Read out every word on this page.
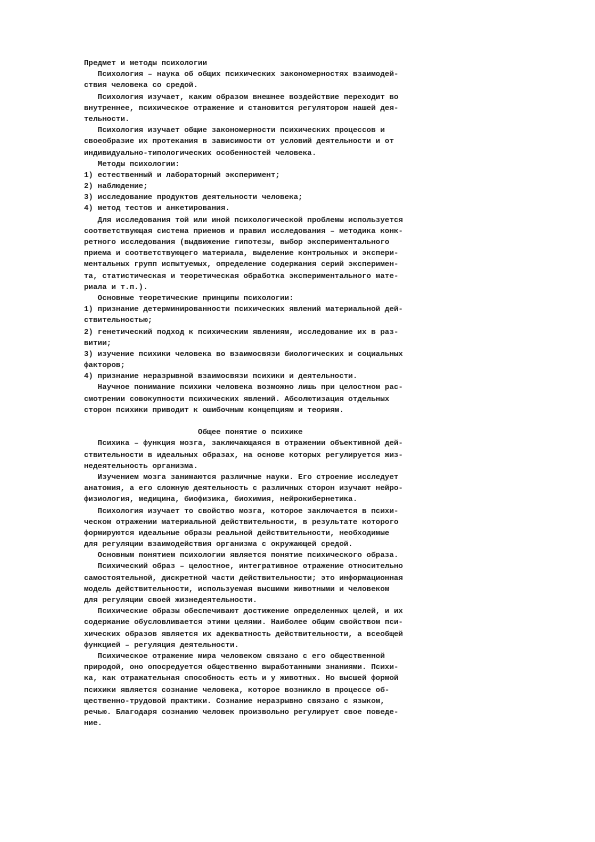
Предмет и методы психологии
Психология – наука об общих психических закономерностях взаимодей-
ствия человека со средой.
Психология изучает, каким образом внешнее воздействие переходит во
внутреннее, психическое отражение и становится регулятором нашей дея-
тельности.
Психология изучает общие закономерности психических процессов и
своеобразие их протекания в зависимости от условий деятельности и от
индивидуально-типологических особенностей человека.
Методы психологии:
1) естественный и лабораторный эксперимент;
2) наблюдение;
3) исследование продуктов деятельности человека;
4) метод тестов и анкетирования.
Для исследования той или иной психологической проблемы используется
соответствующая система приемов и правил исследования – методика конк-
ретного исследования (выдвижение гипотезы, выбор экспериментального
приема и соответствующего материала, выделение контрольных и экспери-
ментальных групп испытуемых, определение содержания серий эксперимен-
та, статистическая и теоретическая обработка экспериментального мате-
риала и т.п.).
Основные теоретические принципы психологии:
1) признание детерминированности психических явлений материальной дей-
ствительностью;
2) генетический подход к психическим явлениям, исследование их в раз-
витии;
3) изучение психики человека во взаимосвязи биологических и социальных
факторов;
4) признание неразрывной взаимосвязи психики и деятельности.
Научное понимание психики человека возможно лишь при целостном рас-
смотрении совокупности психических явлений. Абсолютизация отдельных
сторон психики приводит к ошибочным концепциям и теориям.
Общее понятие о психике
Психика – функция мозга, заключающаяся в отражении объективной дей-
ствительности в идеальных образах, на основе которых регулируется жиз-
недеятельность организма.
Изучением мозга занимаются различные науки. Его строение исследует
анатомия, а его сложную деятельность с различных сторон изучают нейро-
физиология, медицина, биофизика, биохимия, нейрокибернетика.
Психология изучает то свойство мозга, которое заключается в психи-
ческом отражении материальной действительности, в результате которого
формируются идеальные образы реальной действительности, необходимые
для регуляции взаимодействия организма с окружающей средой.
Основным понятием психологии является понятие психического образа.
Психический образ – целостное, интегративное отражение относительно
самостоятельной, дискретной части действительности; это информационная
модель действительности, используемая высшими животными и человеком
для регуляции своей жизнедеятельности.
Психические образы обеспечивают достижение определенных целей, и их
содержание обусловливается этими целями. Наиболее общим свойством пси-
хических образов является их адекватность действительности, а всеобщей
функцией – регуляция деятельности.
Психическое отражение мира человеком связано с его общественной
природой, оно опосредуется общественно выработанными знаниями. Психи-
ка, как отражательная способность есть и у животных. Но высшей формой
психики является сознание человека, которое возникло в процессе об-
щественно-трудовой практики. Сознание неразрывно связано с языком,
речью. Благодаря сознанию человек произвольно регулирует свое поведе-
ние.
